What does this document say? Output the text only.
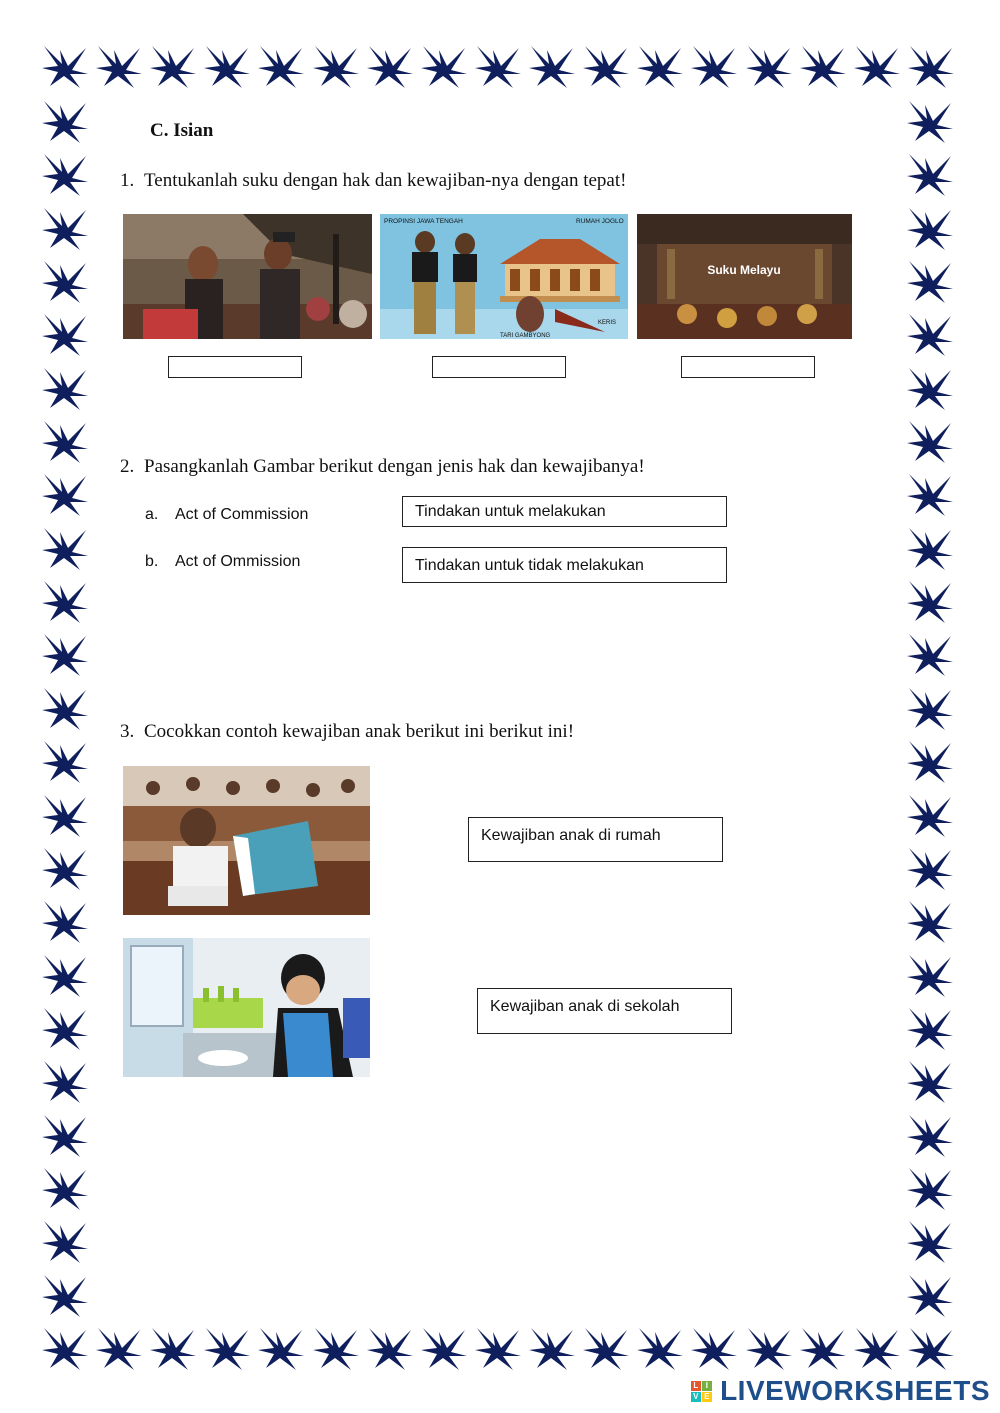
C. Isian
1. Tentukanlah suku dengan hak dan kewajiban-nya dengan tepat!
PROPINSI JAWA TENGAH	RUMAH JOGLO
KERIS
TARI GAMBYONG
Suku Melayu
2. Pasangkanlah Gambar berikut dengan jenis hak dan kewajibanya!
a. Act of Commission	Tindakan untuk melakukan
b. Act of Ommission	Tindakan untuk tidak melakukan
3. Cocokkan contoh kewajiban anak berikut ini berikut ini!
Kewajiban anak di rumah
Kewajiban anak di sekolah
L I
V E LIVEWORKSHEETS
